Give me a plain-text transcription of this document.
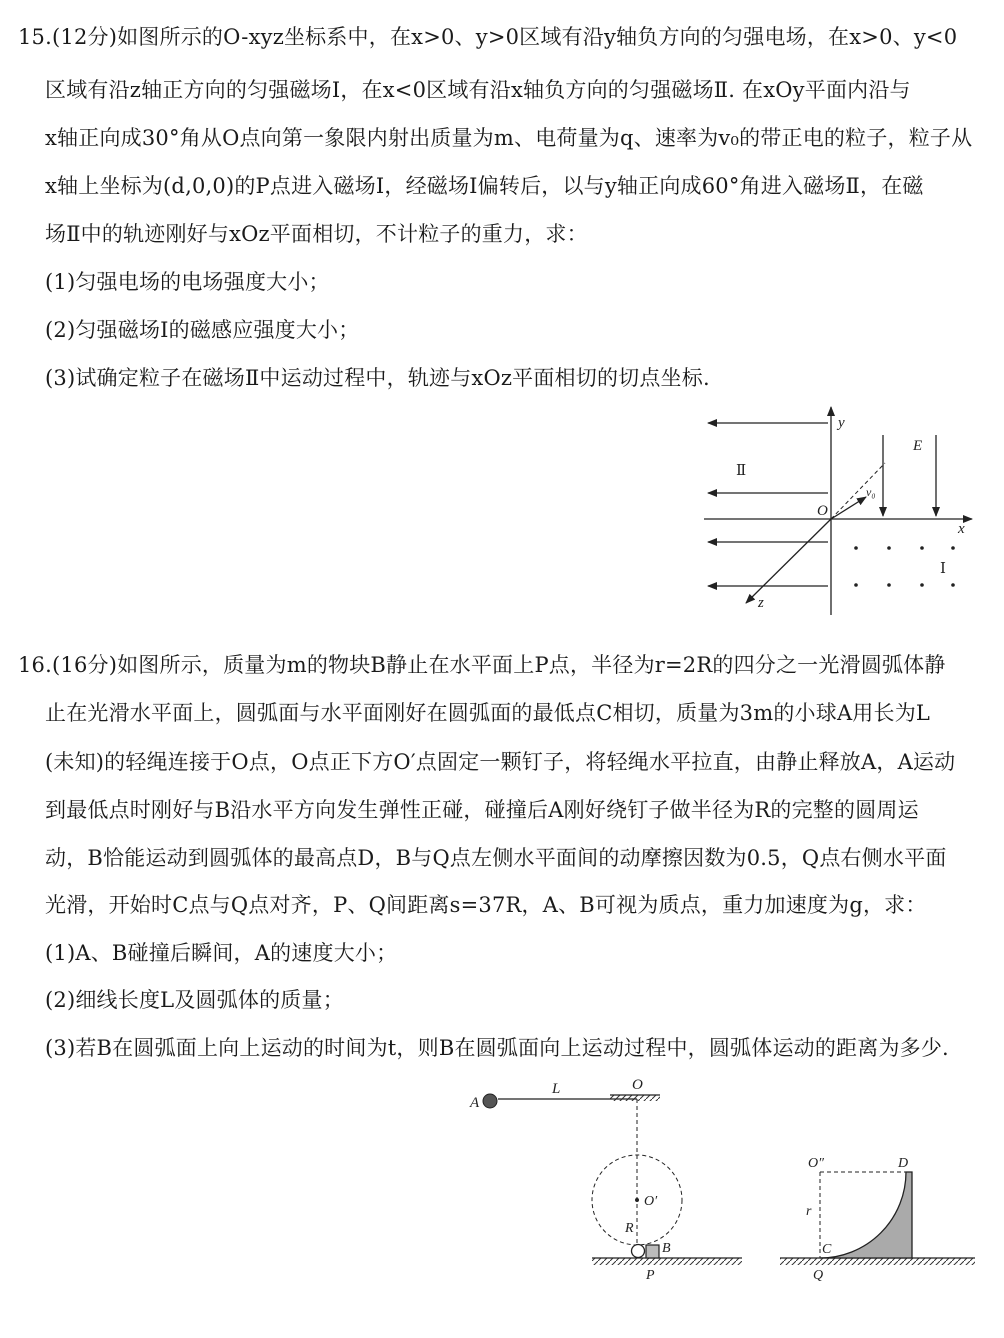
15.(12分)如图所示的O-xyz坐标系中，在x>0、y>0区域有沿y轴负方向的匀强电场，在x>0、y<0
区域有沿z轴正方向的匀强磁场Ⅰ，在x<0区域有沿x轴负方向的匀强磁场Ⅱ. 在xOy平面内沿与
x轴正向成30°角从O点向第一象限内射出质量为m、电荷量为q、速率为v₀的带正电的粒子，粒子从
x轴上坐标为(d,0,0)的P点进入磁场Ⅰ，经磁场Ⅰ偏转后，以与y轴正向成60°角进入磁场Ⅱ，在磁
场Ⅱ中的轨迹刚好与xOz平面相切，不计粒子的重力，求：
(1)匀强电场的电场强度大小；
(2)匀强磁场Ⅰ的磁感应强度大小；
(3)试确定粒子在磁场Ⅱ中运动过程中，轨迹与xOz平面相切的切点坐标.
y
x
z
O
E
v₀
Ⅱ
Ⅰ
16.(16分)如图所示，质量为m的物块B静止在水平面上P点，半径为r=2R的四分之一光滑圆弧体静
止在光滑水平面上，圆弧面与水平面刚好在圆弧面的最低点C相切，质量为3m的小球A用长为L
(未知)的轻绳连接于O点，O点正下方O′点固定一颗钉子，将轻绳水平拉直，由静止释放A，A运动
到最低点时刚好与B沿水平方向发生弹性正碰，碰撞后A刚好绕钉子做半径为R的完整的圆周运
动，B恰能运动到圆弧体的最高点D，B与Q点左侧水平面间的动摩擦因数为0.5，Q点右侧水平面
光滑，开始时C点与Q点对齐，P、Q间距离s=37R，A、B可视为质点，重力加速度为g，求：
(1)A、B碰撞后瞬间，A的速度大小；
(2)细线长度L及圆弧体的质量；
(3)若B在圆弧面上向上运动的时间为t，则B在圆弧面向上运动过程中，圆弧体运动的距离为多少.
A
L	O
O′
R
B
P
O″	D
r
C
Q
